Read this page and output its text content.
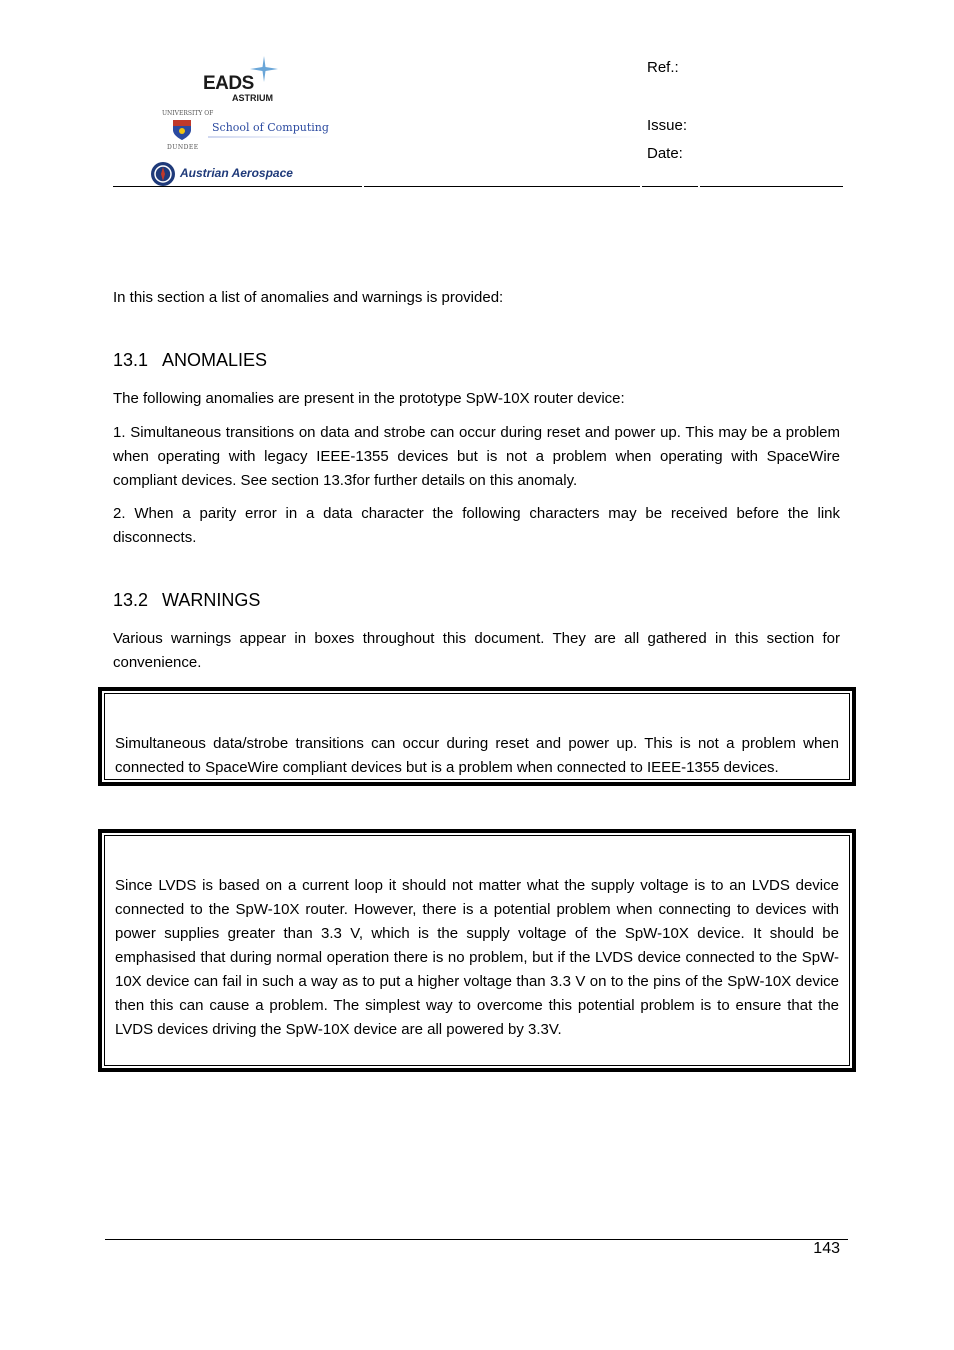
EADS
ASTRIUM
UNIVERSITY OF
DUNDEE
School of Computing
Austrian Aerospace
Ref.:
Issue:
Date:
In this section a list of anomalies and warnings is provided:
13.1 ANOMALIES
The following anomalies are present in the prototype SpW-10X router device:
1. Simultaneous transitions on data and strobe can occur during reset and power up. This may be a problem when operating with legacy IEEE-1355 devices but is not a problem when operating with SpaceWire compliant devices. See section 13.3for further details on this anomaly.
2. When a parity error in a data character the following characters may be received before the link disconnects.
13.2 WARNINGS
Various warnings appear in boxes throughout this document. They are all gathered in this section for convenience.

Simultaneous data/strobe transitions can occur during reset and power up. This is not a problem when connected to SpaceWire compliant devices but is a problem when connected to IEEE-1355 devices.

Since LVDS is based on a current loop it should not matter what the supply voltage is to an LVDS device connected to the SpW-10X router. However, there is a potential problem when connecting to devices with power supplies greater than 3.3 V, which is the supply voltage of the SpW-10X device. It should be emphasised that during normal operation there is no problem, but if the LVDS device connected to the SpW-10X device can fail in such a way as to put a higher voltage than 3.3 V on to the pins of the SpW-10X device then this can cause a problem. The simplest way to overcome this potential problem is to ensure that the LVDS devices driving the SpW-10X device are all powered by 3.3V.

143
